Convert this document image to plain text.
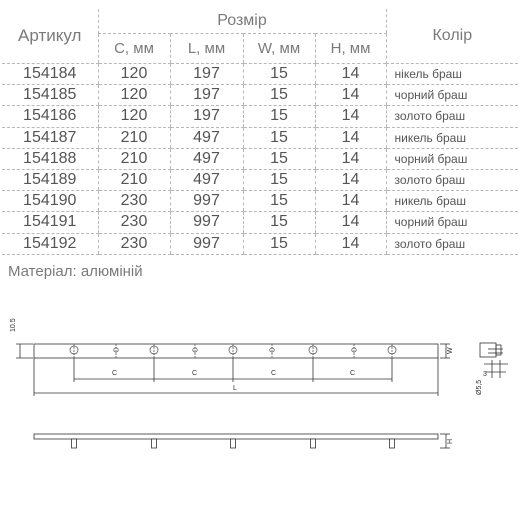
Артикул	Розмір				Колір
	C, мм	L, мм	W, мм	H, мм	
154184	120	197	15	14	нікель браш
154185	120	197	15	14	чорний браш
154186	120	197	15	14	золото браш
154187	210	497	15	14	никель браш
154188	210	497	15	14	чорний браш
154189	210	497	15	14	золото браш
154190	230	997	15	14	никель браш
154191	230	997	15	14	чорний браш
154192	230	997	15	14	золото браш
Матеріал: алюміній
10.5
W
H
L	Ø5,5
3
C	C	C	C
